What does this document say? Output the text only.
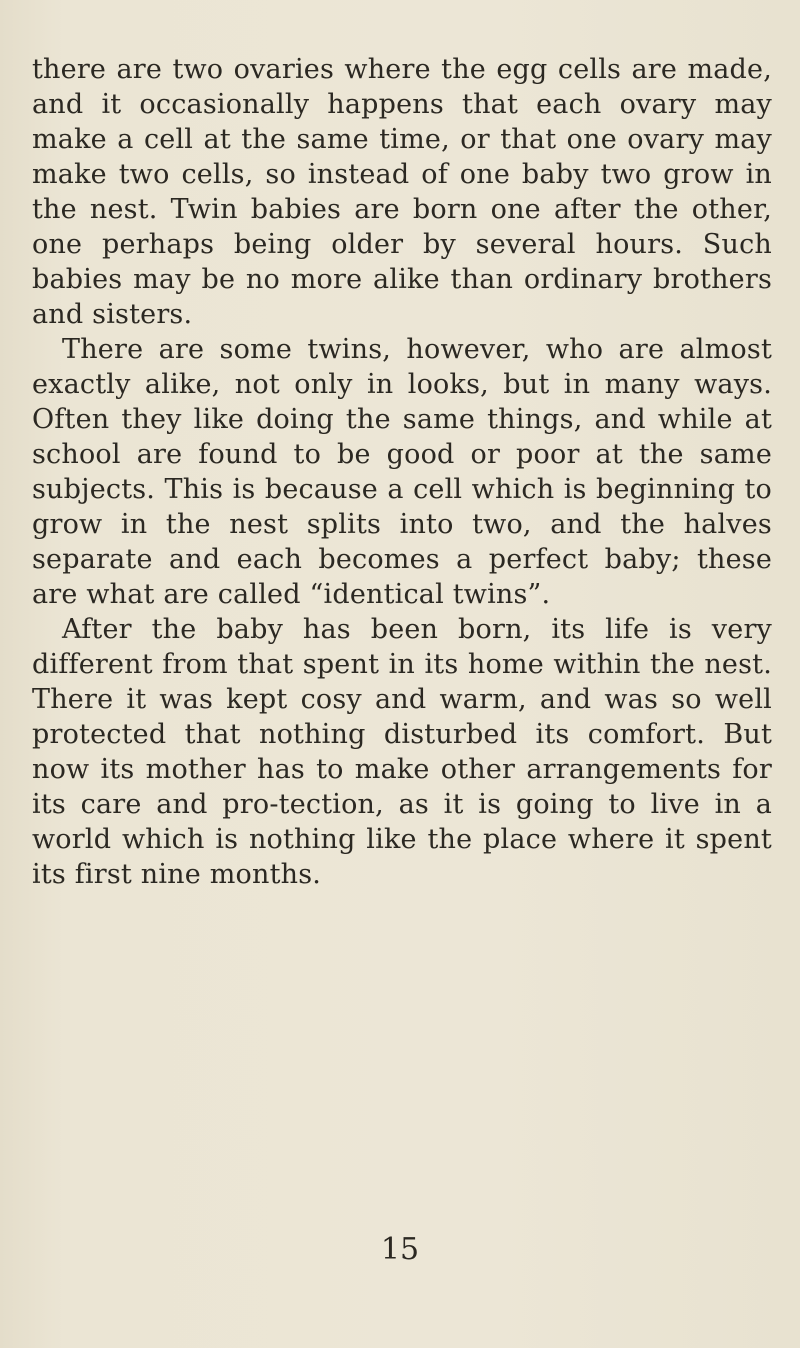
there are two ovaries where the egg cells are made, and it occasionally happens that each ovary may make a cell at the same time, or that one ovary may make two cells, so instead of one baby two grow in the nest. Twin babies are born one after the other, one perhaps being older by several hours. Such babies may be no more alike than ordinary brothers and sisters.

There are some twins, however, who are almost exactly alike, not only in looks, but in many ways. Often they like doing the same things, and while at school are found to be good or poor at the same subjects. This is because a cell which is beginning to grow in the nest splits into two, and the halves separate and each becomes a perfect baby; these are what are called “identical twins”.

After the baby has been born, its life is very different from that spent in its home within the nest. There it was kept cosy and warm, and was so well protected that nothing disturbed its comfort. But now its mother has to make other arrangements for its care and pro-tection, as it is going to live in a world which is nothing like the place where it spent its first nine months.

15
